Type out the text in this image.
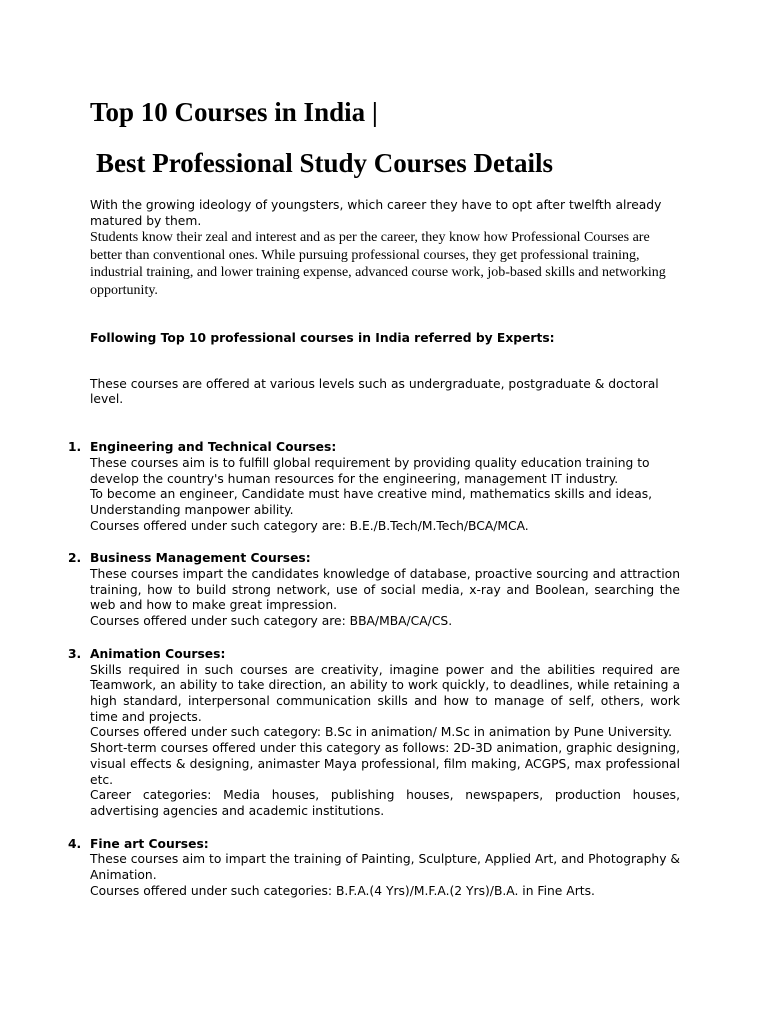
Top 10 Courses in India |
Best Professional Study Courses Details

With the growing ideology of youngsters, which career they have to opt after twelfth already matured by them.

Students know their zeal and interest and as per the career, they know how Professional Courses are better than conventional ones. While pursuing professional courses, they get professional training, industrial training, and lower training expense, advanced course work, job-based skills and networking opportunity.

Following Top 10 professional courses in India referred by Experts:

These courses are offered at various levels such as undergraduate, postgraduate & doctoral level.

1. Engineering and Technical Courses:

These courses aim is to fulfill global requirement by providing quality education training to develop the country's human resources for the engineering, management IT industry.

To become an engineer, Candidate must have creative mind, mathematics skills and ideas, Understanding manpower ability.

Courses offered under such category are: B.E./B.Tech/M.Tech/BCA/MCA.

2. Business Management Courses:

These courses impart the candidates knowledge of database, proactive sourcing and attraction training, how to build strong network, use of social media, x-ray and Boolean, searching the web and how to make great impression.

Courses offered under such category are: BBA/MBA/CA/CS.

3. Animation Courses:

Skills required in such courses are creativity, imagine power and the abilities required are Teamwork, an ability to take direction, an ability to work quickly, to deadlines, while retaining a high standard, interpersonal communication skills and how to manage of self, others, work time and projects.

Courses offered under such category: B.Sc in animation/ M.Sc in animation by Pune University.

Short-term courses offered under this category as follows: 2D-3D animation, graphic designing, visual effects & designing, animaster Maya professional, film making, ACGPS, max professional etc.

Career categories: Media houses, publishing houses, newspapers, production houses, advertising agencies and academic institutions.

4. Fine art Courses:

These courses aim to impart the training of Painting, Sculpture, Applied Art, and Photography & Animation.

Courses offered under such categories: B.F.A.(4 Yrs)/M.F.A.(2 Yrs)/B.A. in Fine Arts.
